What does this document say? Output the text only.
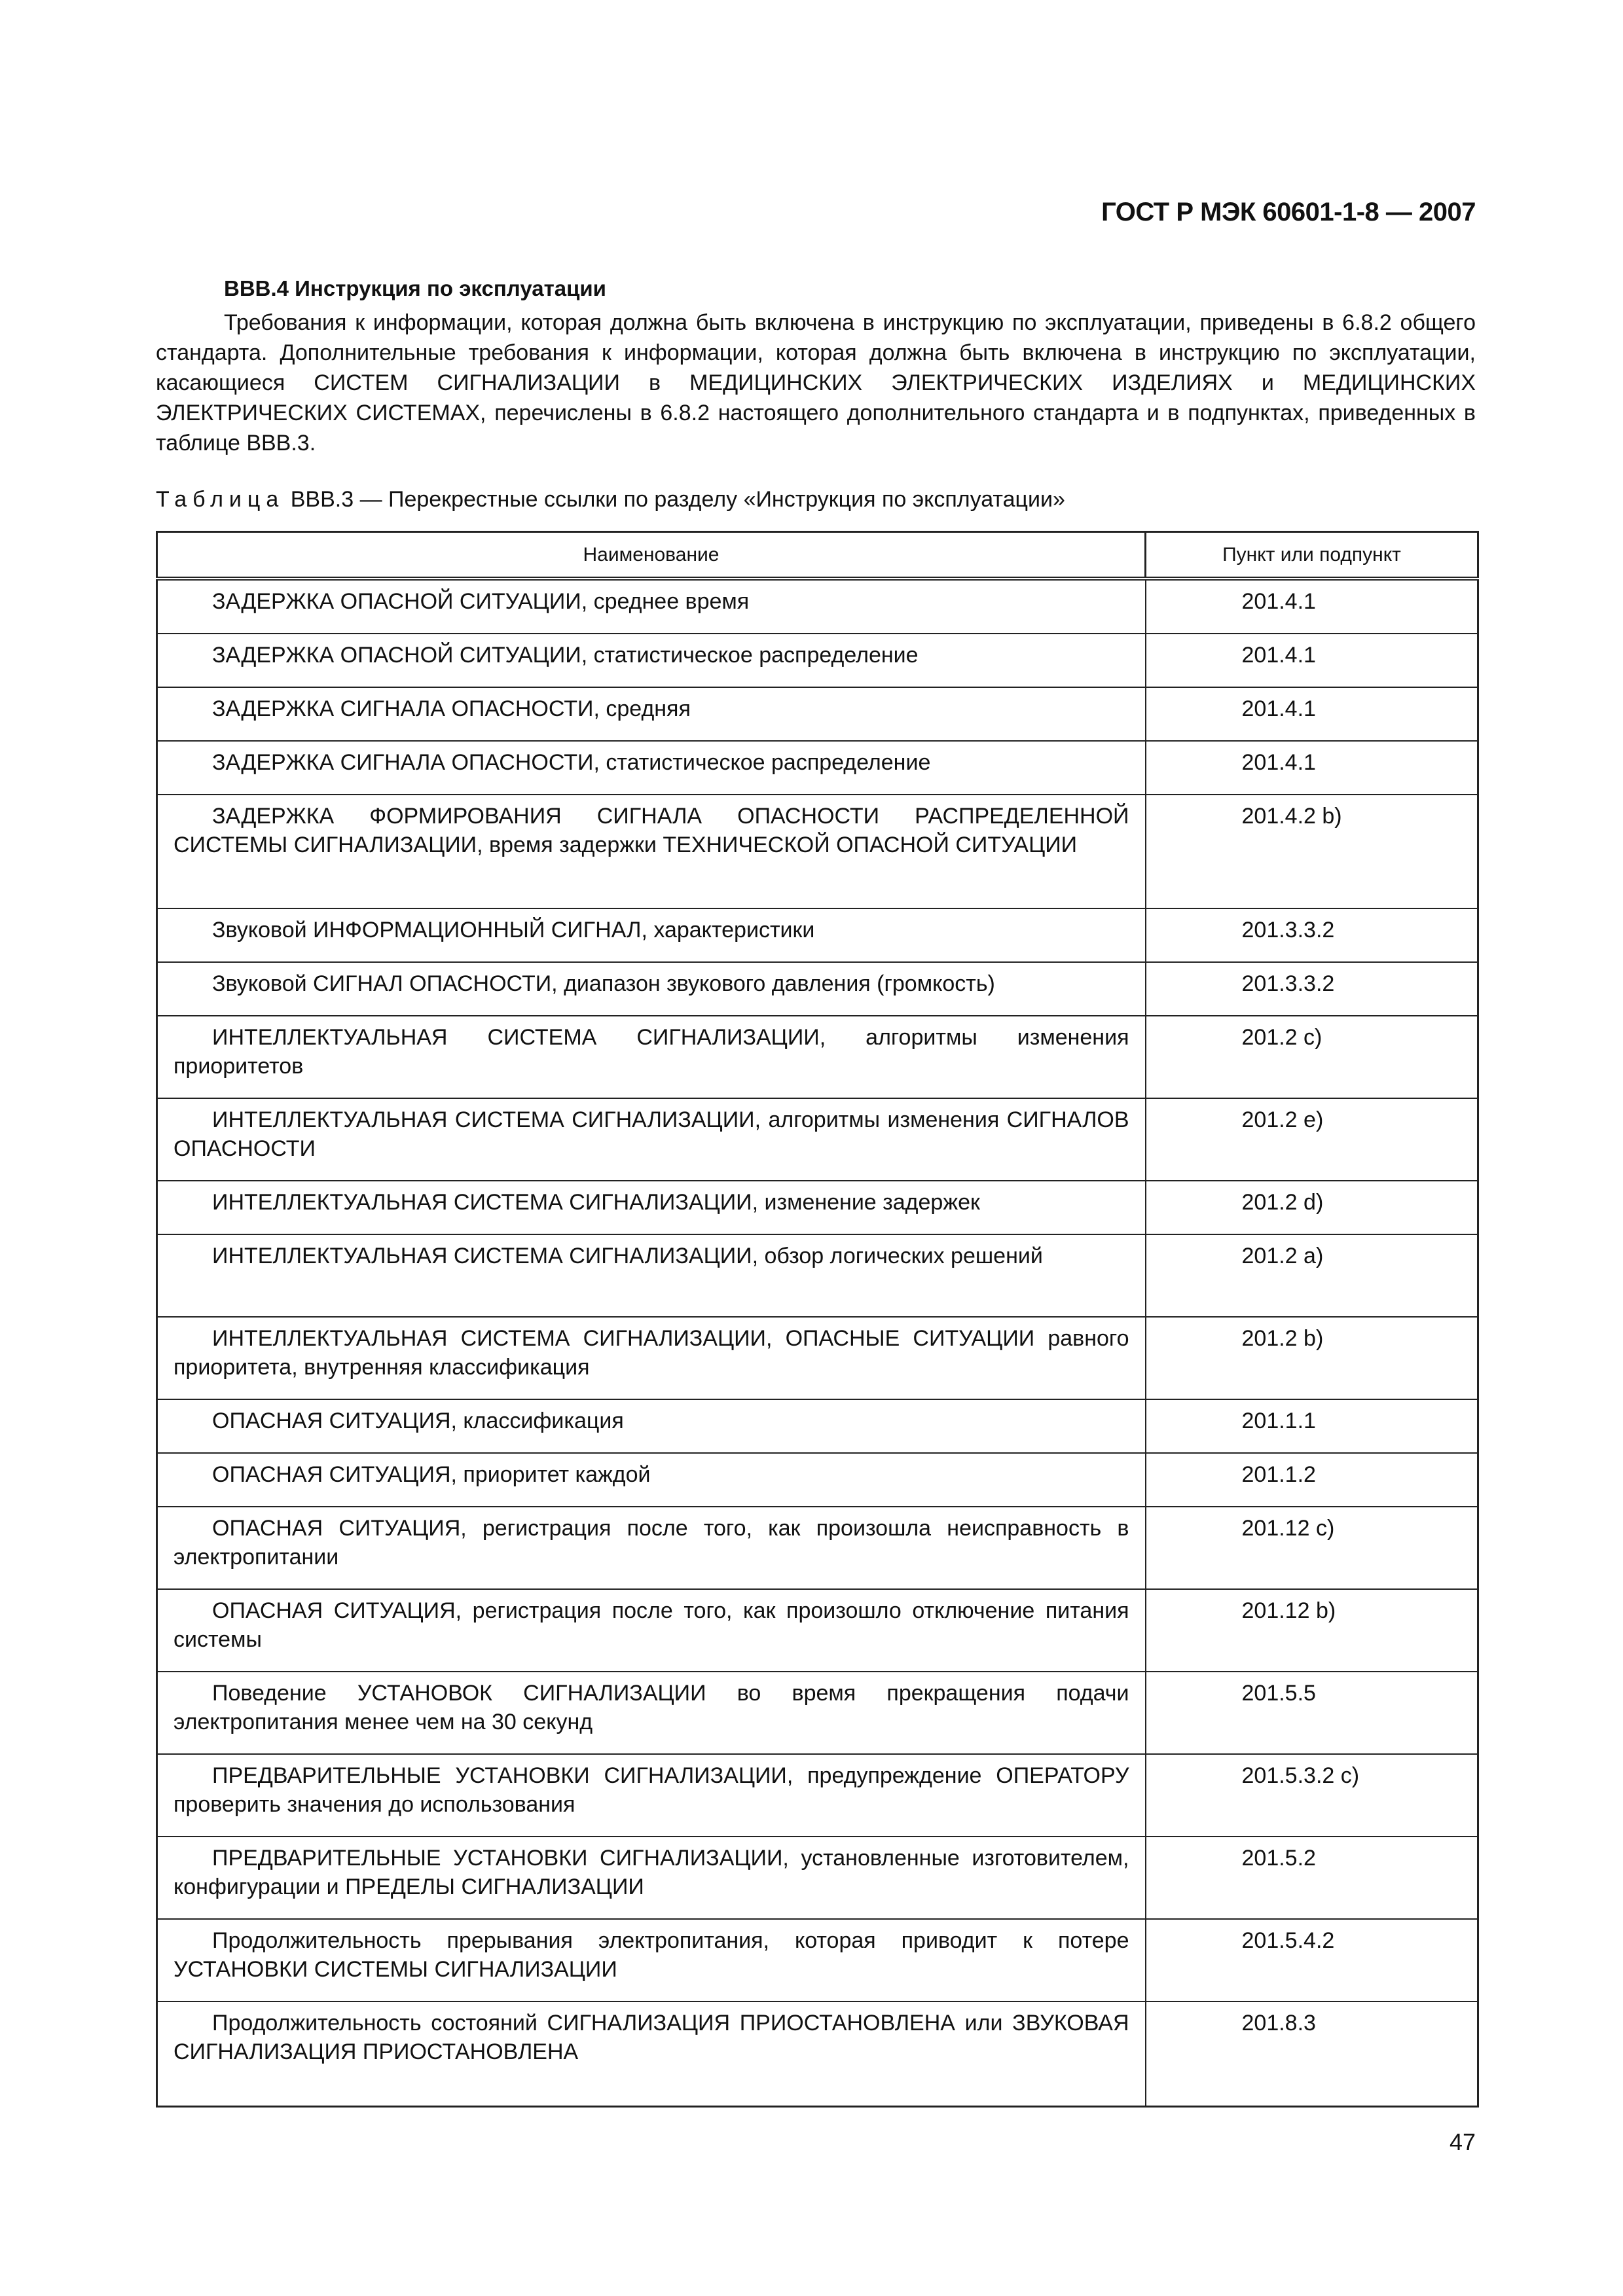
ГОСТ Р МЭК 60601-1-8 — 2007

ВВВ.4 Инструкция по эксплуатации

Требования к информации, которая должна быть включена в инструкцию по эксплуатации, приведены в 6.8.2 общего стандарта. Дополнительные требования к информации, которая должна быть включена в инструкцию по эксплуатации, касающиеся СИСТЕМ СИГНАЛИЗАЦИИ в МЕДИЦИНСКИХ ЭЛЕКТРИЧЕСКИХ ИЗДЕЛИЯХ и МЕДИЦИНСКИХ ЭЛЕКТРИЧЕСКИХ СИСТЕМАХ, перечислены в 6.8.2 настоящего дополнительного стандарта и в подпунктах, приведенных в таблице ВВВ.3.

Таблица ВВВ.3 — Перекрестные ссылки по разделу «Инструкция по эксплуатации»
Наименование	Пункт или подпункт
ЗАДЕРЖКА ОПАСНОЙ СИТУАЦИИ, среднее время	201.4.1
ЗАДЕРЖКА ОПАСНОЙ СИТУАЦИИ, статистическое распределение	201.4.1
ЗАДЕРЖКА СИГНАЛА ОПАСНОСТИ, средняя	201.4.1
ЗАДЕРЖКА СИГНАЛА ОПАСНОСТИ, статистическое распределение	201.4.1
ЗАДЕРЖКА ФОРМИРОВАНИЯ СИГНАЛА ОПАСНОСТИ РАСПРЕДЕЛЕННОЙ СИСТЕМЫ СИГНАЛИЗАЦИИ, время задержки ТЕХНИЧЕСКОЙ ОПАСНОЙ СИТУАЦИИ	201.4.2 b)
Звуковой ИНФОРМАЦИОННЫЙ СИГНАЛ, характеристики	201.3.3.2
Звуковой СИГНАЛ ОПАСНОСТИ, диапазон звукового давления (громкость)	201.3.3.2
ИНТЕЛЛЕКТУАЛЬНАЯ СИСТЕМА СИГНАЛИЗАЦИИ, алгоритмы изменения приоритетов	201.2 c)
ИНТЕЛЛЕКТУАЛЬНАЯ СИСТЕМА СИГНАЛИЗАЦИИ, алгоритмы изменения СИГНАЛОВ ОПАСНОСТИ	201.2 e)
ИНТЕЛЛЕКТУАЛЬНАЯ СИСТЕМА СИГНАЛИЗАЦИИ, изменение задержек	201.2 d)
ИНТЕЛЛЕКТУАЛЬНАЯ СИСТЕМА СИГНАЛИЗАЦИИ, обзор логических решений	201.2 a)
ИНТЕЛЛЕКТУАЛЬНАЯ СИСТЕМА СИГНАЛИЗАЦИИ, ОПАСНЫЕ СИТУАЦИИ равного приоритета, внутренняя классификация	201.2 b)
ОПАСНАЯ СИТУАЦИЯ, классификация	201.1.1
ОПАСНАЯ СИТУАЦИЯ, приоритет каждой	201.1.2
ОПАСНАЯ СИТУАЦИЯ, регистрация после того, как произошла неисправность в электропитании	201.12 c)
ОПАСНАЯ СИТУАЦИЯ, регистрация после того, как произошло отключение питания системы	201.12 b)
Поведение УСТАНОВОК СИГНАЛИЗАЦИИ во время прекращения подачи электропитания менее чем на 30 секунд	201.5.5
ПРЕДВАРИТЕЛЬНЫЕ УСТАНОВКИ СИГНАЛИЗАЦИИ, предупреждение ОПЕРАТОРУ проверить значения до использования	201.5.3.2 c)
ПРЕДВАРИТЕЛЬНЫЕ УСТАНОВКИ СИГНАЛИЗАЦИИ, установленные изготовителем, конфигурации и ПРЕДЕЛЫ СИГНАЛИЗАЦИИ	201.5.2
Продолжительность прерывания электропитания, которая приводит к потере УСТАНОВКИ СИСТЕМЫ СИГНАЛИЗАЦИИ	201.5.4.2
Продолжительность состояний СИГНАЛИЗАЦИЯ ПРИОСТАНОВЛЕНА или ЗВУКОВАЯ СИГНАЛИЗАЦИЯ ПРИОСТАНОВЛЕНА	201.8.3
47
